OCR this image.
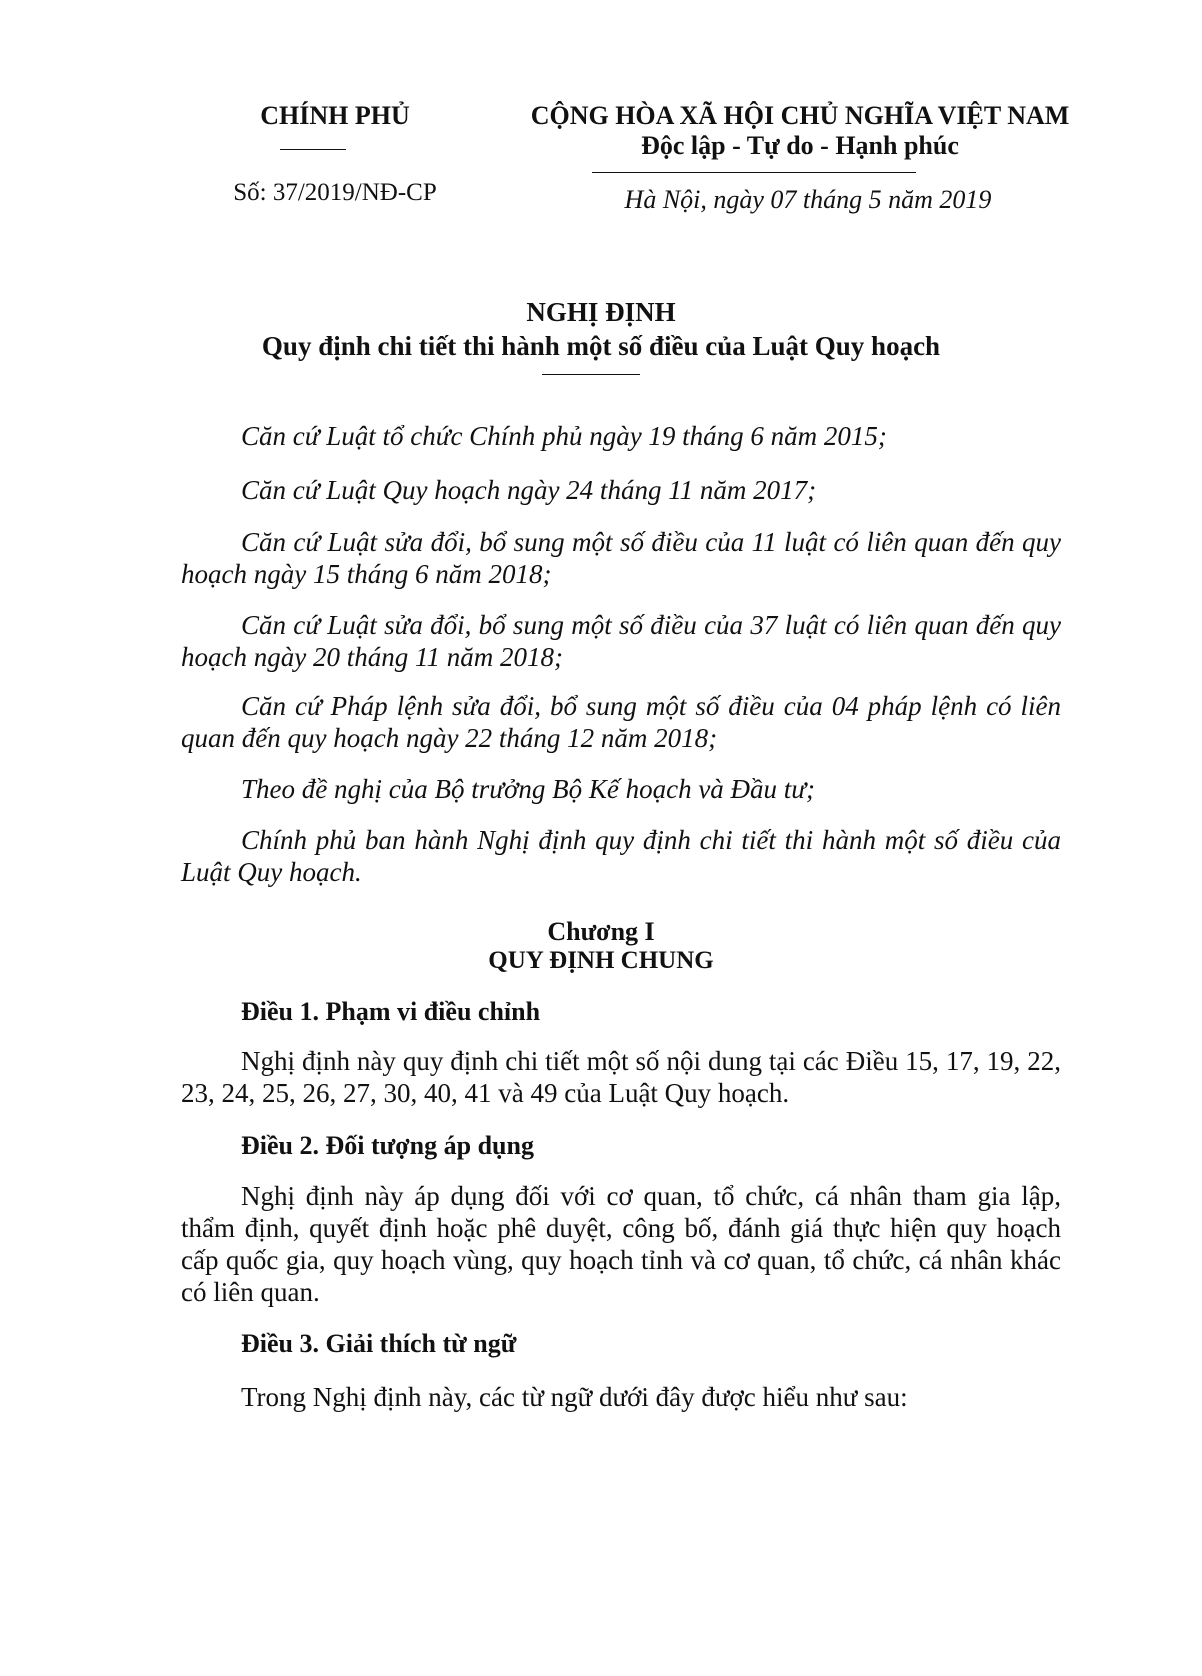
CHÍNH PHỦ
Số: 37/2019/NĐ-CP
CỘNG HÒA XÃ HỘI CHỦ NGHĨA VIỆT NAM
Độc lập - Tự do - Hạnh phúc
Hà Nội, ngày 07 tháng 5 năm 2019
NGHỊ ĐỊNH
Quy định chi tiết thi hành một số điều của Luật Quy hoạch
Căn cứ Luật tổ chức Chính phủ ngày 19 tháng 6 năm 2015;
Căn cứ Luật Quy hoạch ngày 24 tháng 11 năm 2017;
Căn cứ Luật sửa đổi, bổ sung một số điều của 11 luật có liên quan đến quy hoạch ngày 15 tháng 6 năm 2018;
Căn cứ Luật sửa đổi, bổ sung một số điều của 37 luật có liên quan đến quy hoạch ngày 20 tháng 11 năm 2018;
Căn cứ Pháp lệnh sửa đổi, bổ sung một số điều của 04 pháp lệnh có liên quan đến quy hoạch ngày 22 tháng 12 năm 2018;
Theo đề nghị của Bộ trưởng Bộ Kế hoạch và Đầu tư;
Chính phủ ban hành Nghị định quy định chi tiết thi hành một số điều của Luật Quy hoạch.
Chương I
QUY ĐỊNH CHUNG
Điều 1. Phạm vi điều chỉnh
Nghị định này quy định chi tiết một số nội dung tại các Điều 15, 17, 19, 22, 23, 24, 25, 26, 27, 30, 40, 41 và 49 của Luật Quy hoạch.
Điều 2. Đối tượng áp dụng
Nghị định này áp dụng đối với cơ quan, tổ chức, cá nhân tham gia lập, thẩm định, quyết định hoặc phê duyệt, công bố, đánh giá thực hiện quy hoạch cấp quốc gia, quy hoạch vùng, quy hoạch tỉnh và cơ quan, tổ chức, cá nhân khác có liên quan.
Điều 3. Giải thích từ ngữ
Trong Nghị định này, các từ ngữ dưới đây được hiểu như sau:
